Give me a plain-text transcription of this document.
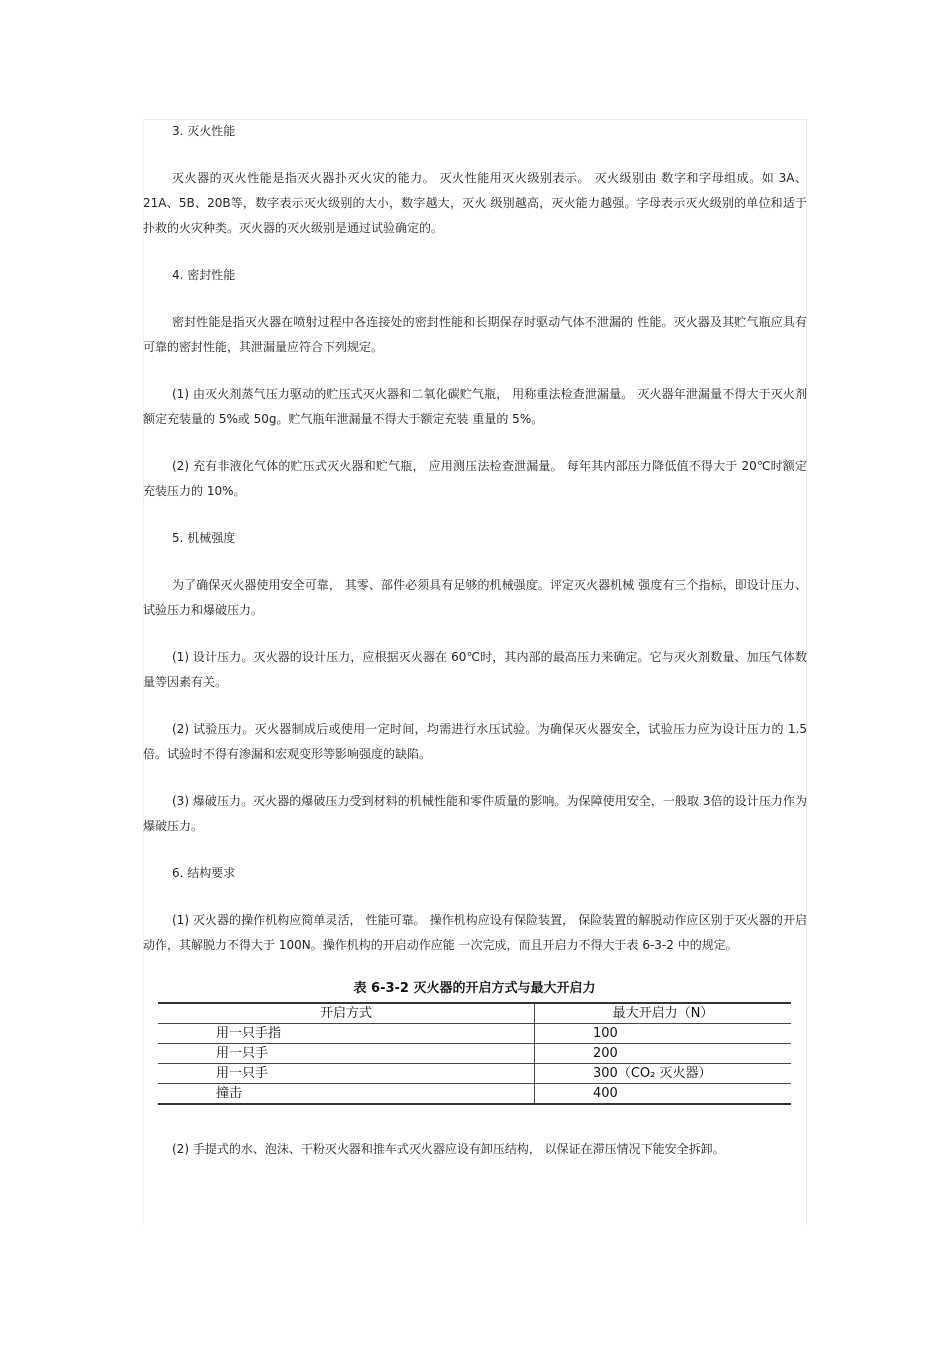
3. 灭火性能

灭火器的灭火性能是指灭火器扑灭火灾的能力。 灭火性能用灭火级别表示。 灭火级别由 数字和字母组成。如 3A、21A、5B、20B等，数字表示灭火级别的大小，数字越大，灭火 级别越高，灭火能力越强。字母表示灭火级别的单位和适于扑救的火灾种类。灭火器的灭火级别是通过试验确定的。

4. 密封性能

密封性能是指灭火器在喷射过程中各连接处的密封性能和长期保存时驱动气体不泄漏的 性能。灭火器及其贮气瓶应具有可靠的密封性能，其泄漏量应符合下列规定。

(1) 由灭火剂蒸气压力驱动的贮压式灭火器和二氧化碳贮气瓶， 用称重法检查泄漏量。 灭火器年泄漏量不得大于灭火剂额定充装量的 5%或 50g。贮气瓶年泄漏量不得大于额定充装 重量的 5%。

(2) 充有非液化气体的贮压式灭火器和贮气瓶， 应用测压法检查泄漏量。 每年其内部压力降低值不得大于 20℃时额定充装压力的 10%。

5. 机械强度

为了确保灭火器使用安全可靠， 其零、部件必须具有足够的机械强度。评定灭火器机械 强度有三个指标，即设计压力、试验压力和爆破压力。

(1) 设计压力。灭火器的设计压力，应根据灭火器在 60℃时，其内部的最高压力来确定。它与灭火剂数量、加压气体数量等因素有关。

(2) 试验压力。灭火器制成后或使用一定时间，均需进行水压试验。为确保灭火器安全，试验压力应为设计压力的 1.5 倍。试验时不得有渗漏和宏观变形等影响强度的缺陷。

(3) 爆破压力。灭火器的爆破压力受到材料的机械性能和零件质量的影响。为保障使用安全，一般取 3倍的设计压力作为爆破压力。

6. 结构要求

(1) 灭火器的操作机构应简单灵活， 性能可靠。 操作机构应设有保险装置， 保险装置的解脱动作应区别于灭火器的开启动作，其解脱力不得大于 100N。操作机构的开启动作应能 一次完成，而且开启力不得大于表 6-3-2 中的规定。

表 6-3-2 灭火器的开启方式与最大开启力
开启方式	最大开启力（N）
用一只手指	100
用一只手	200
用一只手	300（CO₂ 灭火器）
撞击	400

(2) 手提式的水、泡沫、干粉灭火器和推车式灭火器应设有卸压结构， 以保证在滞压情况下能安全拆卸。
